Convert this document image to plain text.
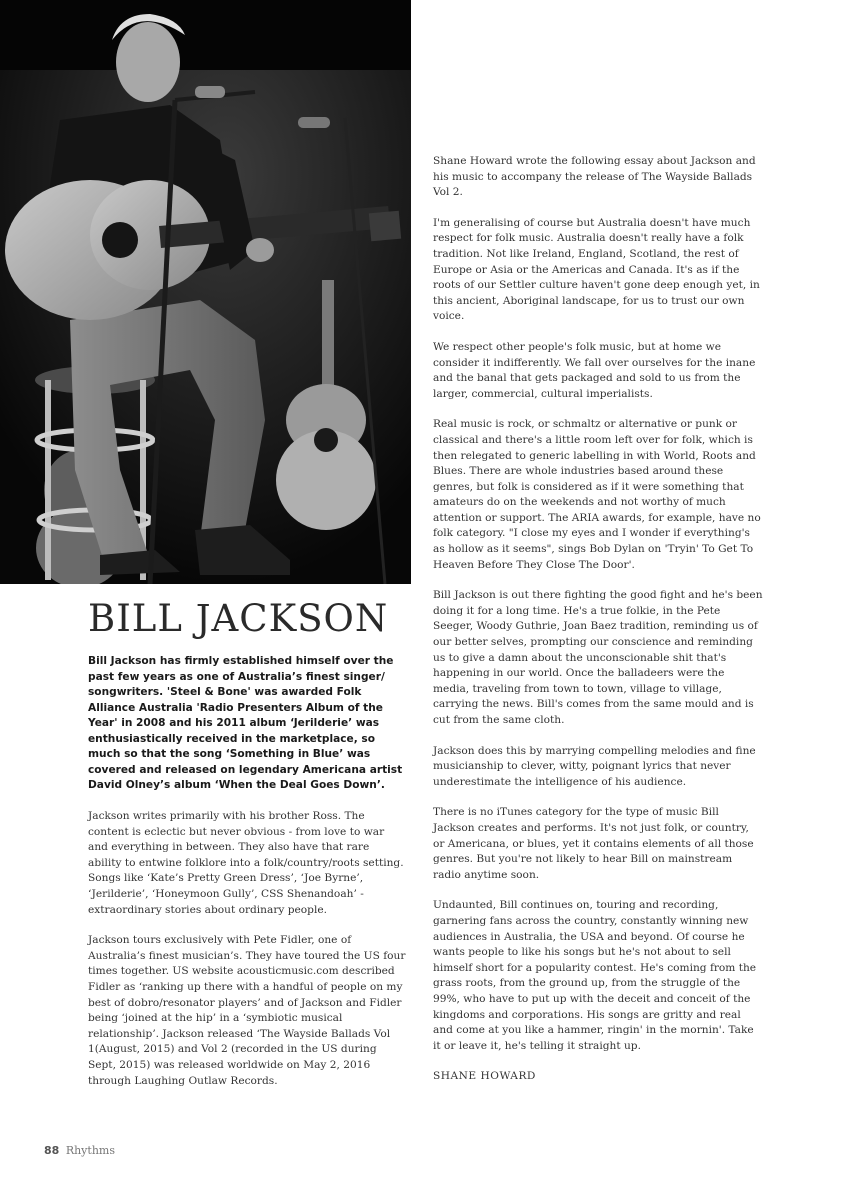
BILL JACKSON

Bill Jackson has firmly established himself over the past few years as one of Australia’s finest singer/ songwriters. 'Steel & Bone' was awarded Folk Alliance Australia 'Radio Presenters Album of the Year' in 2008 and his 2011 album ‘Jerilderie’ was enthusiastically received in the marketplace, so much so that the song ‘Something in Blue’ was covered and released on legendary Americana artist David Olney’s album ‘When the Deal Goes Down’.

Jackson writes primarily with his brother Ross. The content is eclectic but never obvious - from love to war and everything in between. They also have that rare ability to entwine folklore into a folk/country/roots setting. Songs like ‘Kate’s Pretty Green Dress’, ‘Joe Byrne’, ‘Jerilderie’, ‘Honeymoon Gully’, CSS Shenandoah’ - extraordinary stories about ordinary people.

Jackson tours exclusively with Pete Fidler, one of Australia’s finest musician’s. They have toured the US four times together. US website acousticmusic.com described Fidler as ‘ranking up there with a handful of people on my best of dobro/resonator players’ and of Jackson and Fidler being ‘joined at the hip’ in a ‘symbiotic musical relationship’. Jackson released ‘The Wayside Ballads Vol 1(August, 2015) and Vol 2 (recorded in the US during Sept, 2015) was released worldwide on May 2, 2016 through Laughing Outlaw Records.

Shane Howard wrote the following essay about Jackson and his music to accompany the release of The Wayside Ballads Vol 2.

I'm generalising of course but Australia doesn't have much respect for folk music. Australia doesn't really have a folk tradition. Not like Ireland, England, Scotland, the rest of Europe or Asia or the Americas and Canada. It's as if the roots of our Settler culture haven't gone deep enough yet, in this ancient, Aboriginal landscape, for us to trust our own voice.

We respect other people's folk music, but at home we consider it indifferently. We fall over ourselves for the inane and the banal that gets packaged and sold to us from the larger, commercial, cultural imperialists.

Real music is rock, or schmaltz or alternative or punk or classical and there's a little room left over for folk, which is then relegated to generic labelling in with World, Roots and Blues. There are whole industries based around these genres, but folk is considered as if it were something that amateurs do on the weekends and not worthy of much attention or support. The ARIA awards, for example, have no folk category. "I close my eyes and I wonder if everything's as hollow as it seems", sings Bob Dylan on 'Tryin' To Get To Heaven Before They Close The Door'.

Bill Jackson is out there fighting the good fight and he's been doing it for a long time. He's a true folkie, in the Pete Seeger, Woody Guthrie, Joan Baez tradition, reminding us of our better selves, prompting our conscience and reminding us to give a damn about the unconscionable shit that's happening in our world. Once the balladeers were the media, traveling from town to town, village to village, carrying the news. Bill's comes from the same mould and is cut from the same cloth.

Jackson does this by marrying compelling melodies and fine musicianship to clever, witty, poignant lyrics that never underestimate the intelligence of his audience.

There is no iTunes category for the type of music Bill Jackson creates and performs. It's not just folk, or country, or Americana, or blues, yet it contains elements of all those genres. But you're not likely to hear Bill on mainstream radio anytime soon.

Undaunted, Bill continues on, touring and recording, garnering fans across the country, constantly winning new audiences in Australia, the USA and beyond. Of course he wants people to like his songs but he's not about to sell himself short for a popularity contest. He's coming from the grass roots, from the ground up, from the struggle of the 99%, who have to put up with the deceit and conceit of the kingdoms and corporations. His songs are gritty and real and come at you like a hammer, ringin' in the mornin'. Take it or leave it, he's telling it straight up.

SHANE HOWARD

88 Rhythms
